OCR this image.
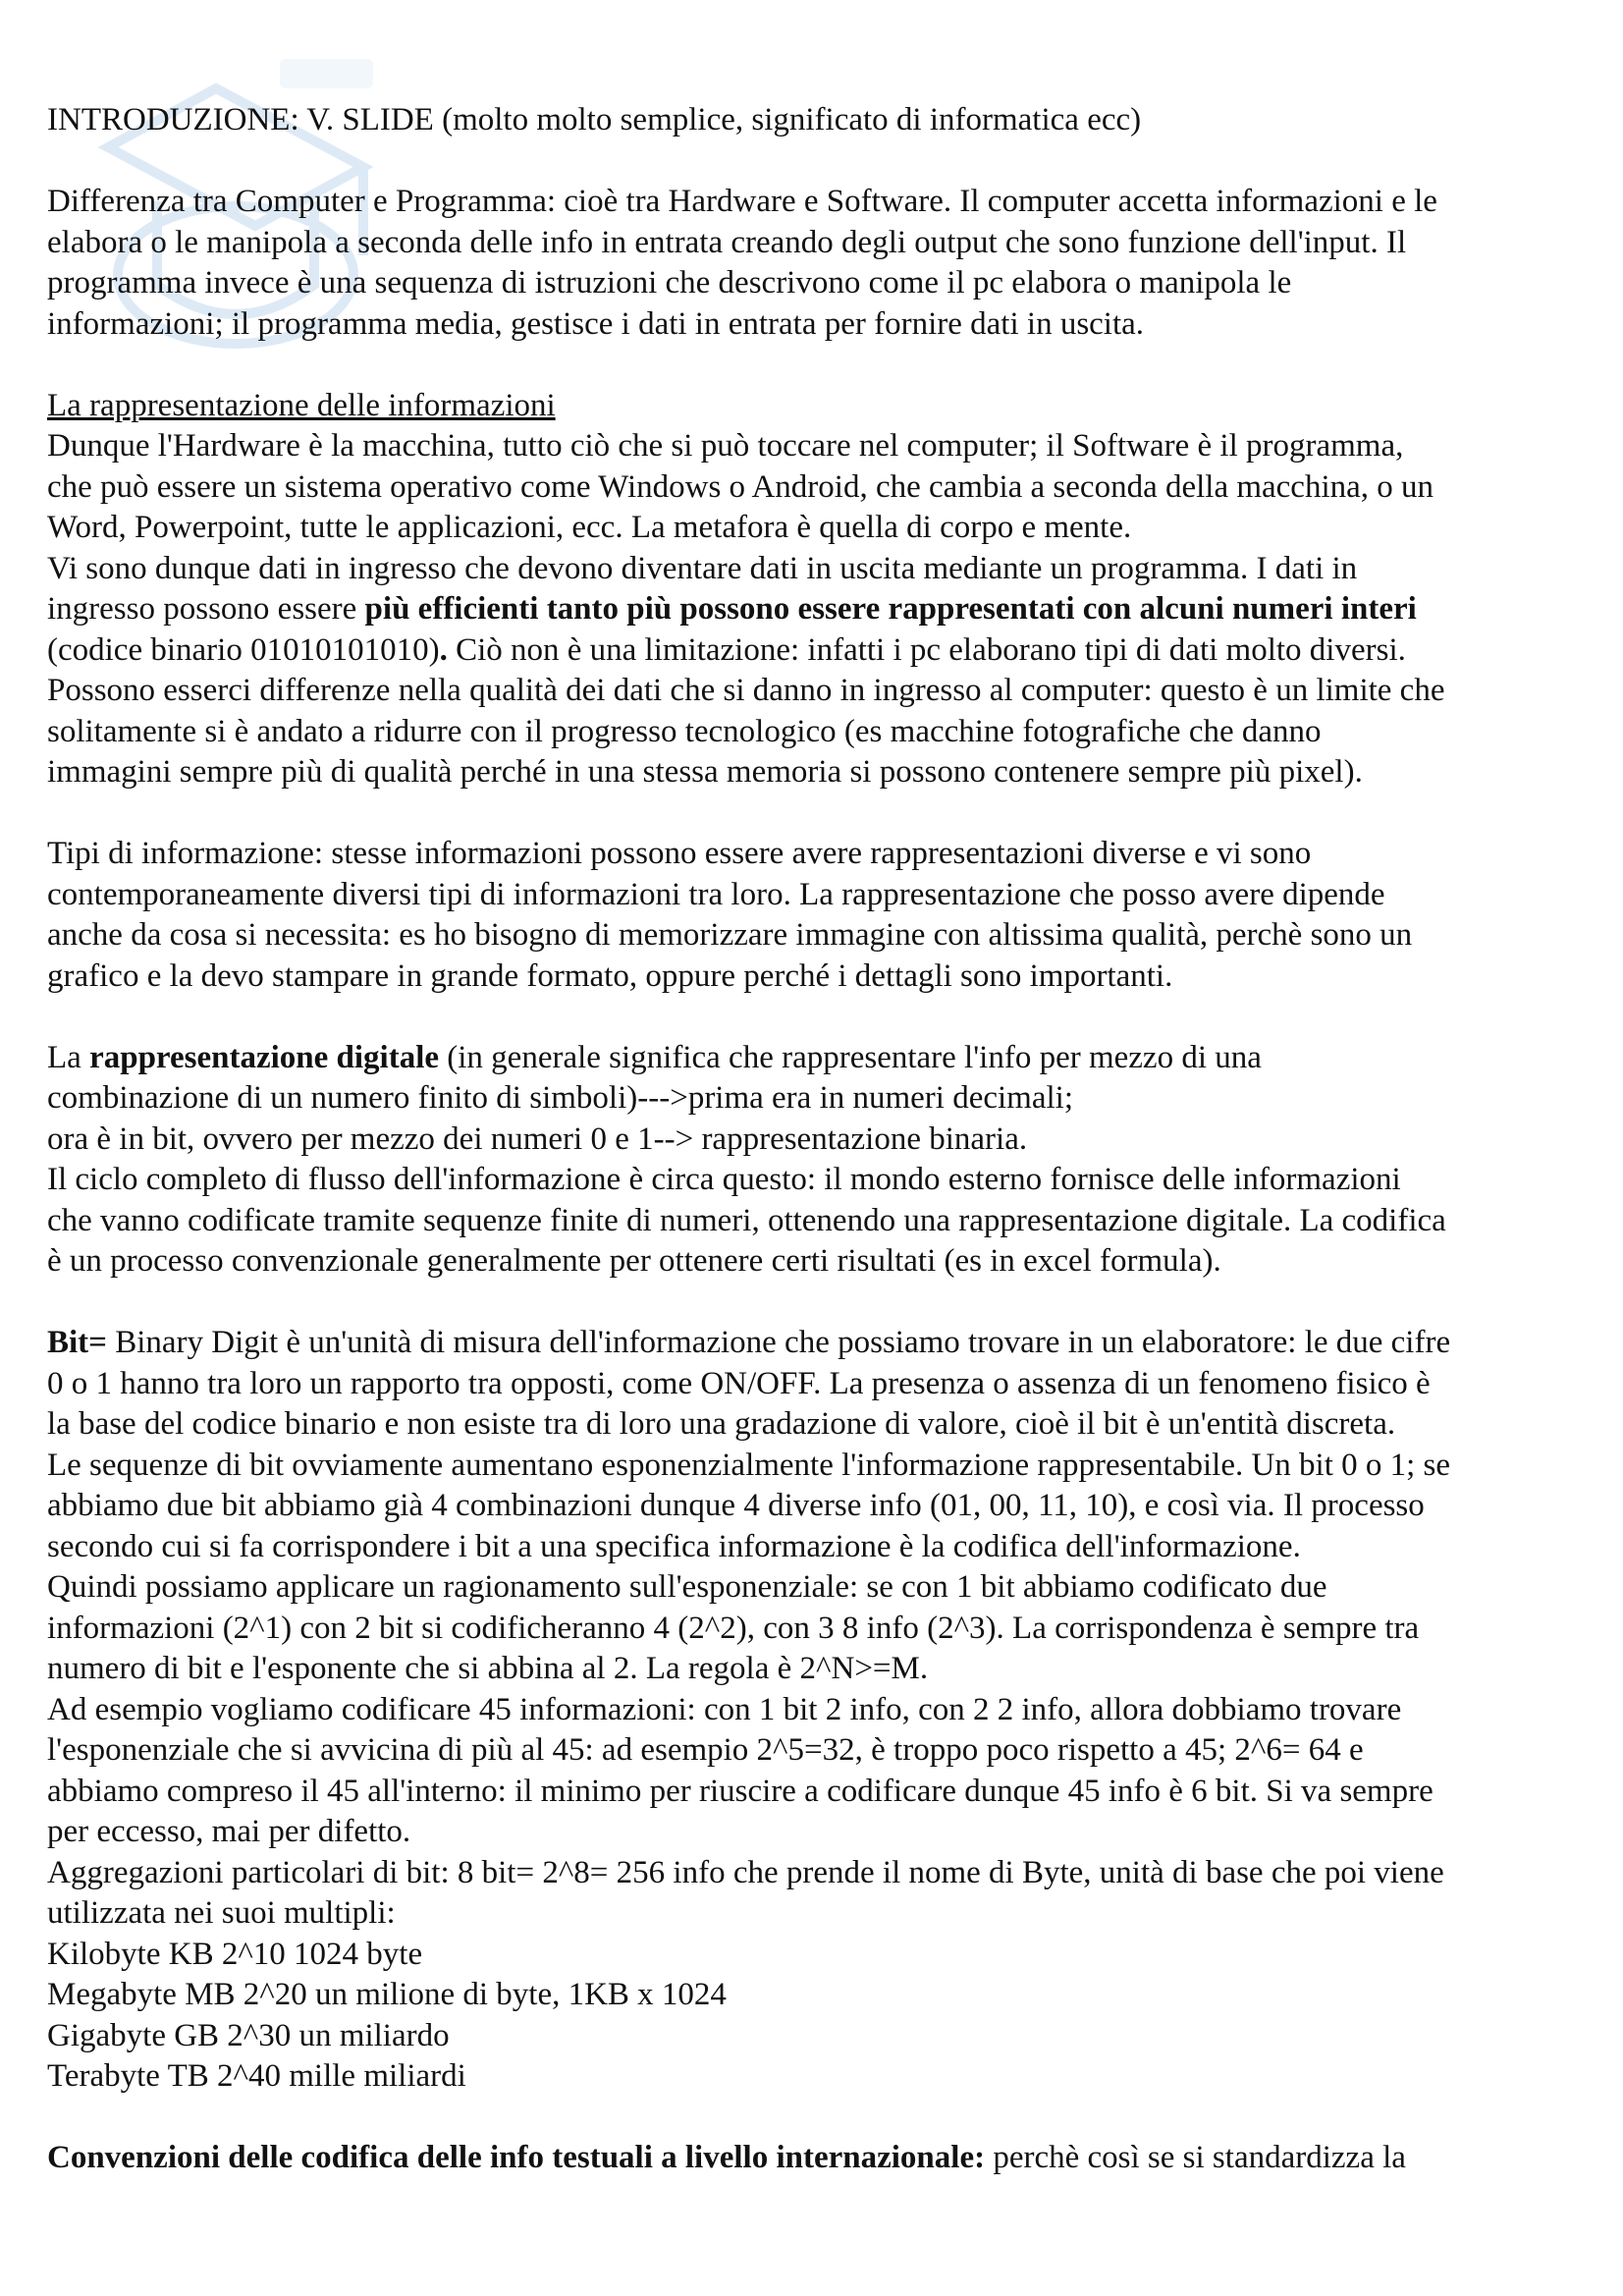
INTRODUZIONE: V. SLIDE (molto molto semplice, significato di informatica ecc)

Differenza tra Computer e Programma: cioè tra Hardware e Software. Il computer accetta informazioni e le

elabora o le manipola a seconda delle info in entrata creando degli output che sono funzione dell'input. Il

programma invece è una sequenza di istruzioni che descrivono come il pc elabora o manipola le

informazioni; il programma media, gestisce i dati in entrata per fornire dati in uscita.

La rappresentazione delle informazioni

Dunque l'Hardware è la macchina, tutto ciò che si può toccare nel computer; il Software è il programma,

che può essere un sistema operativo come Windows o Android, che cambia a seconda della macchina, o un

Word, Powerpoint, tutte le applicazioni, ecc. La metafora è quella di corpo e mente.

Vi sono dunque dati in ingresso che devono diventare dati in uscita mediante un programma. I dati in

ingresso possono essere più efficienti tanto più possono essere rappresentati con alcuni numeri interi

(codice binario 01010101010). Ciò non è una limitazione: infatti i pc elaborano tipi di dati molto diversi.

Possono esserci differenze nella qualità dei dati che si danno in ingresso al computer: questo è un limite che

solitamente si è andato a ridurre con il progresso tecnologico (es macchine fotografiche che danno

immagini sempre più di qualità perché in una stessa memoria si possono contenere sempre più pixel).

Tipi di informazione: stesse informazioni possono essere avere rappresentazioni diverse e vi sono

contemporaneamente diversi tipi di informazioni tra loro. La rappresentazione che posso avere dipende

anche da cosa si necessita: es ho bisogno di memorizzare immagine con altissima qualità, perchè sono un

grafico e la devo stampare in grande formato, oppure perché i dettagli sono importanti.

La rappresentazione digitale (in generale significa che rappresentare l'info per mezzo di una

combinazione di un numero finito di simboli)--->prima era in numeri decimali;

ora è in bit, ovvero per mezzo dei numeri 0 e 1--> rappresentazione binaria.

Il ciclo completo di flusso dell'informazione è circa questo: il mondo esterno fornisce delle informazioni

che vanno codificate tramite sequenze finite di numeri, ottenendo una rappresentazione digitale. La codifica

è un processo convenzionale generalmente per ottenere certi risultati (es in excel formula).

Bit= Binary Digit è un'unità di misura dell'informazione che possiamo trovare in un elaboratore: le due cifre

0 o 1 hanno tra loro un rapporto tra opposti, come ON/OFF. La presenza o assenza di un fenomeno fisico è

la base del codice binario e non esiste tra di loro una gradazione di valore, cioè il bit è un'entità discreta.

Le sequenze di bit ovviamente aumentano esponenzialmente l'informazione rappresentabile. Un bit 0 o 1; se

abbiamo due bit abbiamo già 4 combinazioni dunque 4 diverse info (01, 00, 11, 10), e così via. Il processo

secondo cui si fa corrispondere i bit a una specifica informazione è la codifica dell'informazione.

Quindi possiamo applicare un ragionamento sull'esponenziale: se con 1 bit abbiamo codificato due

informazioni (2^1) con 2 bit si codificheranno 4 (2^2), con 3 8 info (2^3). La corrispondenza è sempre tra

numero di bit e l'esponente che si abbina al 2. La regola è 2^N>=M.

Ad esempio vogliamo codificare 45 informazioni: con 1 bit 2 info, con 2 2 info, allora dobbiamo trovare

l'esponenziale che si avvicina di più al 45: ad esempio 2^5=32, è troppo poco rispetto a 45; 2^6= 64 e

abbiamo compreso il 45 all'interno: il minimo per riuscire a codificare dunque 45 info è 6 bit. Si va sempre

per eccesso, mai per difetto.

Aggregazioni particolari di bit: 8 bit= 2^8= 256 info che prende il nome di Byte, unità di base che poi viene

utilizzata nei suoi multipli:

Kilobyte KB 2^10 1024 byte

Megabyte MB 2^20 un milione di byte, 1KB x 1024

Gigabyte GB 2^30 un miliardo

Terabyte TB 2^40 mille miliardi

Convenzioni delle codifica delle info testuali a livello internazionale: perchè così se si standardizza la
